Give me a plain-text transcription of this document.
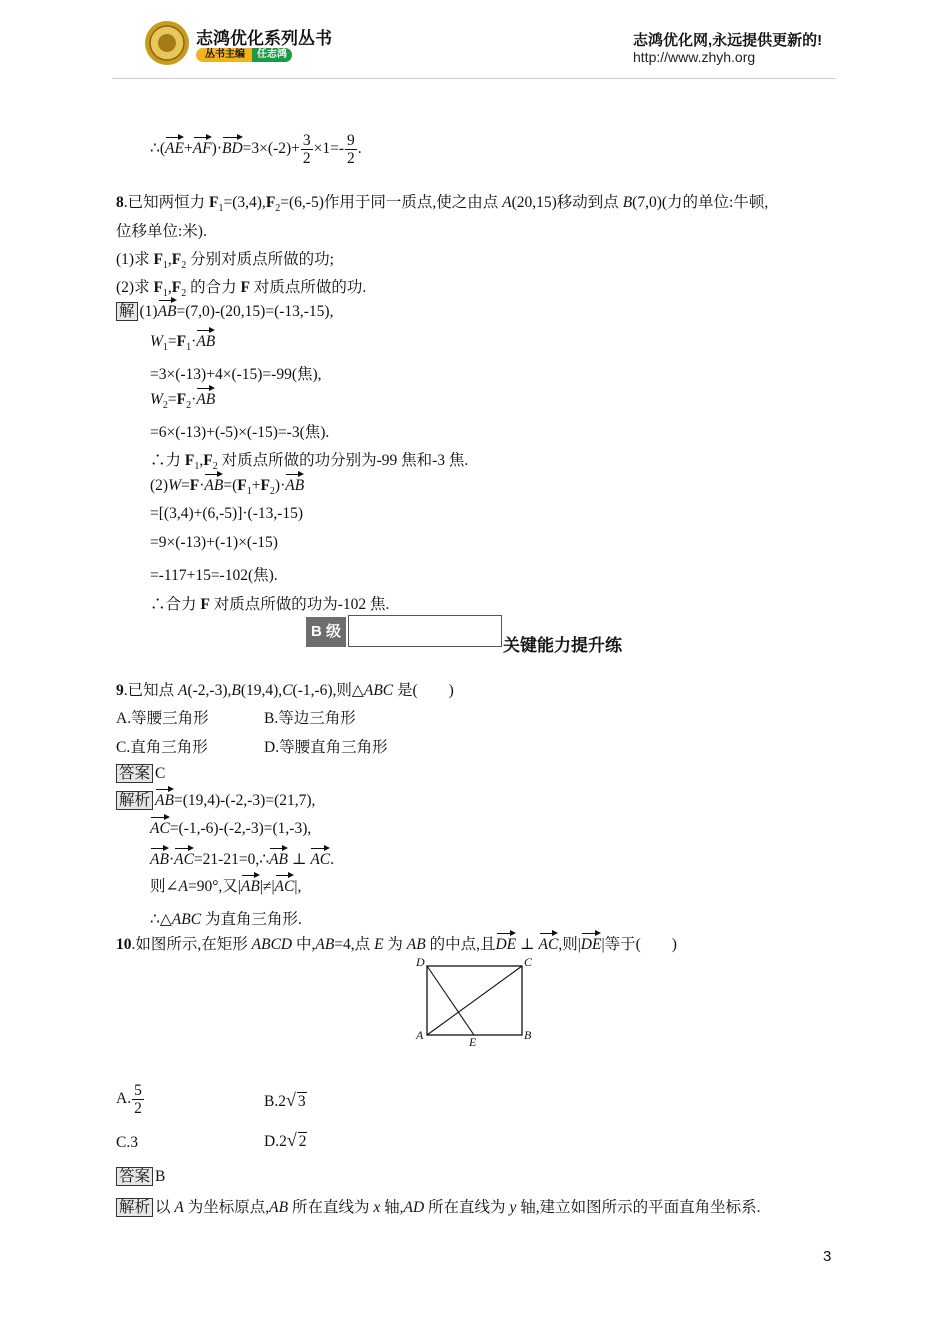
志鸿优化系列丛书
丛书主编	任志鸿
志鸿优化网,永远提供更新的!
http://www.zhyh.org
∴(AE+AF)·BD=3×(-2)+ $\frac{3}{2} \times 1=- \frac{9}{2}$ .
8.已知两恒力 $F_1=(3,4),F_2=(6,-5)$作用于同一质点,使之由点 A(20,15)移动到点 B(7,0)(力的单位:牛顿,
位移单位:米).
(1)求 $F_1,F_2$ 分别对质点所做的功;
(2)求 $F_1,F_2$ 的合力 F 对质点所做的功.
解 (1)AB=(7,0)-(20,15)=(-13,-15),
$W_1=F_1\cdot AB$
=3×(-13)+4×(-15)=-99(焦),
$W_2=F_2\cdot AB$
=6×(-13)+(-5)×(-15)=-3(焦).
∴力 $F_1,F_2$ 对质点所做的功分别为-99 焦和-3 焦.
$(2)W=F\cdot AB=(F_1+F_2)\cdot AB$
=[(3,4)+(6,-5)]·(-13,-15)
=9×(-13)+(-1)×(-15)
=-117+15=-102(焦).
∴合力 F 对质点所做的功为-102 焦.
B 级
关键能力提升练
9.已知点 A(-2,-3),B(19,4),C(-1,-6),则△ABC 是(　　)
A.等腰三角形	B.等边三角形
C.直角三角形	D.等腰直角三角形
答案 C
解析 AB=(19,4)-(-2,-3)=(21,7),
AC=(-1,-6)-(-2,-3)=(1,-3),
AB·AC=21-21=0,∴AB ⊥ AC.
则∠A=90°,又|AB|≠|AC|,
∴△ABC 为直角三角形.
10.如图所示,在矩形 ABCD 中,AB=4,点 E 为 AB 的中点,且DE ⊥ AC,则|DE|等于(　　)
D	C
A	B
E
A. $\frac{5}{2}$	B.2√ 3
C.3	D.2√ 2
答案 B
解析 以 A 为坐标原点,AB 所在直线为 x 轴,AD 所在直线为 y 轴,建立如图所示的平面直角坐标系.
3
